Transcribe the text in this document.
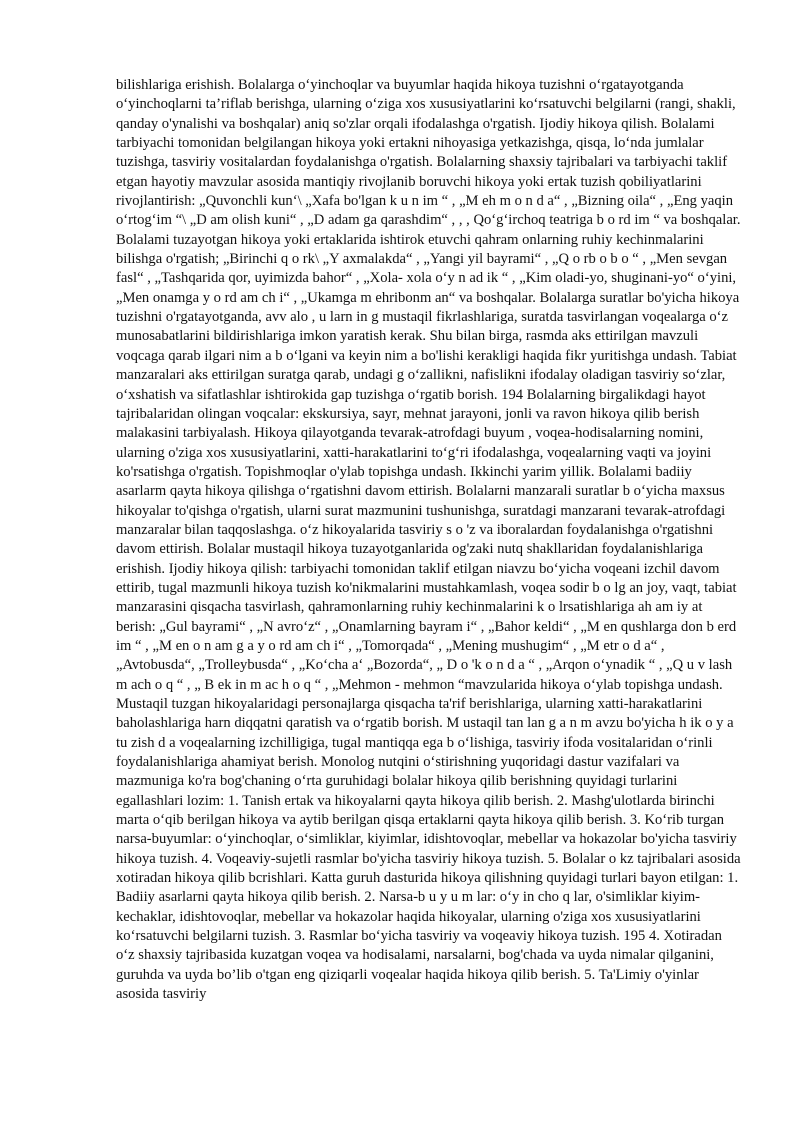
bilishlariga erishish. Bolalarga oʻyinchoqlar va buyumlar haqida hikoya tuzishni oʻrgatayotganda oʻyinchoqlarni ta’riflab berishga, ularning oʻziga xos xususiyatlarini koʻrsatuvchi belgilarni (rangi, shakli, qanday o'ynalishi va boshqalar) aniq so'zlar orqali ifodalashga o'rgatish. Ijodiy hikoya qilish. Bolalami tarbiyachi tomonidan belgilangan hikoya yoki ertakni nihoyasiga yetkazishga, qisqa, loʻnda jumlalar tuzishga, tasviriy vositalardan foydalanishga o'rgatish. Bolalarning shaxsiy tajribalari va tarbiyachi taklif etgan hayotiy mavzular asosida mantiqiy rivojlanib boruvchi hikoya yoki ertak tuzish qobiliyatlarini rivojlantirish: „Quvonchli kun‘\ „Xafa bo'lgan k u n im “ , „M eh m o n d a“ , „Bizning oila“ , „Eng yaqin oʻrtogʻim “\ „D am olish kuni“ , „D adam ga qarashdim“ , , , Qoʻgʻirchoq teatriga b o rd im “ va boshqalar. Bolalami tuzayotgan hikoya yoki ertaklarida ishtirok etuvchi qahram onlarning ruhiy kechinmalarini bilishga o'rgatish; „Birinchi q o rk\ „Y axmalakda“ , „Yangi yil bayrami“ , „Q o rb o b o “ , „Men sevgan fasl“ , „Tashqarida qor, uyimizda bahor“ , „Xola- xola oʻy n ad ik “ , „Kim oladi-yo, shuginani-yo“ oʻyini, „Men onamga y o rd am ch i“ , „Ukamga m ehribonm an“ va boshqalar. Bolalarga suratlar bo'yicha hikoya tuzishni o'rgatayotganda, avv alo , u larn in g mustaqil fikrlashlariga, suratda tasvirlangan voqealarga oʻz munosabatlarini bildirishlariga imkon yaratish kerak. Shu bilan birga, rasmda aks ettirilgan mavzuli voqcaga qarab ilgari nim a b oʻlgani va keyin nim a bo'lishi kerakligi haqida fikr yuritishga undash. Tabiat manzaralari aks ettirilgan suratga qarab, undagi g oʻzallikni, nafislikni ifodalay oladigan tasviriy soʻzlar, oʻxshatish va sifatlashlar ishtirokida gap tuzishga oʻrgatib borish. 194 Bolalarning birgalikdagi hayot tajribalaridan olingan voqcalar: ekskursiya, sayr, mehnat jarayoni, jonli va ravon hikoya qilib berish malakasini tarbiyalash. Hikoya qilayotganda tevarak-atrofdagi buyum , voqea-hodisalarning nomini, ularning o'ziga xos xususiyatlarini, xatti-harakatlarini toʻgʻri ifodalashga, voqealarning vaqti va joyini ko'rsatishga o'rgatish. Topishmoqlar o'ylab topishga undash. Ikkinchi yarim yillik. Bolalami badiiy asarlarm qayta hikoya qilishga oʻrgatishni davom ettirish. Bolalarni manzarali suratlar b oʻyicha maxsus hikoyalar to'qishga o'rgatish, ularni surat mazmunini tushunishga, suratdagi manzarani tevarak-atrofdagi manzaralar bilan taqqoslashga. oʻz hikoyalarida tasviriy s o 'z va iboralardan foydalanishga o'rgatishni davom ettirish. Bolalar mustaqil hikoya tuzayotganlarida og'zaki nutq shakllaridan foydalanishlariga erishish. Ijodiy hikoya qilish: tarbiyachi tomonidan taklif etilgan niavzu boʻyicha voqeani izchil davom ettirib, tugal mazmunli hikoya tuzish ko'nikmalarini mustahkamlash, voqea sodir b o lg an joy, vaqt, tabiat manzarasini qisqacha tasvirlash, qahramonlarning ruhiy kechinmalarini k o lrsatishlariga ah am iy at berish: „Gul bayrami“ , „N avroʻz“ , „Onamlarning bayram i“ , „Bahor keldi“ , „M en qushlarga don b erd im “ , „M en o n am g a y o rd am ch i“ , „Tomorqada“ , „Mening mushugim“ , „M etr o d a“ , „Avtobusda“, „Trolleybusda“ , „Koʻcha a‘ „Bozorda“, „ D o 'k o n d a “ , „Arqon oʻynadik “ , „Q u v lash m ach o q “ , „ B ek in m ac h o q “ , „Mehmon - mehmon “mavzularida hikoya oʻylab topishga undash. Mustaqil tuzgan hikoyalaridagi personajlarga qisqacha ta'rif berishlariga, ularning xatti-harakatlarini baholashlariga harn diqqatni qaratish va oʻrgatib borish. M ustaqil tan lan g a n m avzu bo'yicha h ik o y a tu zish d a voqealarning izchilligiga, tugal mantiqqa ega b oʻlishiga, tasviriy ifoda vositalaridan oʻrinli foydalanishlariga ahamiyat berish. Monolog nutqini oʻstirishning yuqoridagi dastur vazifalari va mazmuniga ko'ra bog'chaning oʻrta guruhidagi bolalar hikoya qilib berishning quyidagi turlarini egallashlari lozim: 1. Tanish ertak va hikoyalarni qayta hikoya qilib berish. 2. Mashg'ulotlarda birinchi marta oʻqib berilgan hikoya va aytib berilgan qisqa ertaklarni qayta hikoya qilib berish. 3. Koʻrib turgan narsa-buyumlar: oʻyinchoqlar, oʻsimliklar, kiyimlar, idishtovoqlar, mebellar va hokazolar bo'yicha tasviriy hikoya tuzish. 4. Voqeaviy-sujetli rasmlar bo'yicha tasviriy hikoya tuzish. 5. Bolalar o kz tajribalari asosida xotiradan hikoya qilib bcrishlari. Katta guruh dasturida hikoya qilishning quyidagi turlari bayon etilgan: 1. Badiiy asarlarni qayta hikoya qilib berish. 2. Narsa-b u y u m lar: oʻy in cho q lar, o'simliklar kiyim- kechaklar, idishtovoqlar, mebellar va hokazolar haqida hikoyalar, ularning o'ziga xos xususiyatlarini koʻrsatuvchi belgilarni tuzish. 3. Rasmlar boʻyicha tasviriy va voqeaviy hikoya tuzish. 195 4. Xotiradan oʻz shaxsiy tajribasida kuzatgan voqea va hodisalami, narsalarni, bog'chada va uyda nimalar qilganini, guruhda va uyda bo’lib o'tgan eng qiziqarli voqealar haqida hikoya qilib berish. 5. Ta'Limiy o'yinlar asosida tasviriy
